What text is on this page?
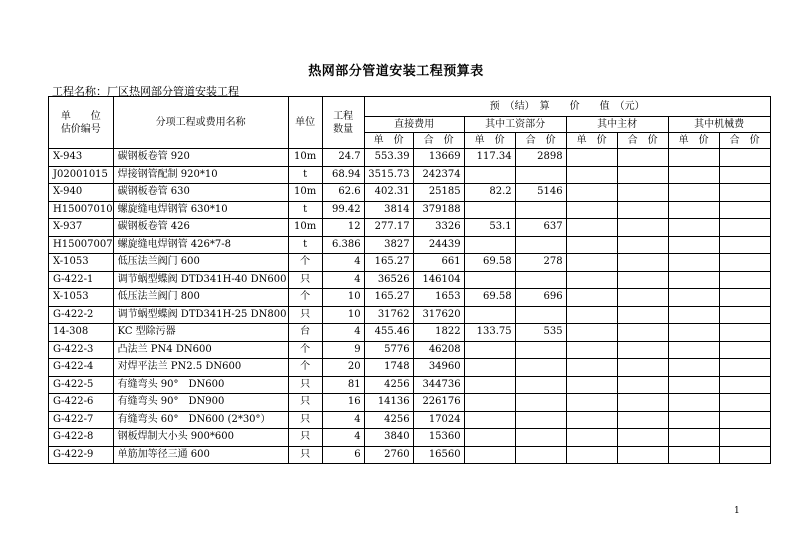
热网部分管道安装工程预算表
工程名称：厂区热网部分管道安装工程
单　　位
估价编号	分项工程或费用名称	单位	工程
数量	预　（结）　算　　价　　值　（元）							
				直接费用		其中工资部分		其中主材		其中机械费	
				单　价	合　价	单　价	合　价	单　价	合　价	单　价	合　价
X-943	碳钢板卷管 920	10m	24.7	553.39	13669	117.34	2898				
J02001015	焊接钢管配制 920*10	t	68.94	3515.73	242374						
X-940	碳钢板卷管 630	10m	62.6	402.31	25185	82.2	5146				
H15007010	螺旋缝电焊钢管 630*10	t	99.42	3814	379188						
X-937	碳钢板卷管 426	10m	12	277.17	3326	53.1	637				
H15007007	螺旋缝电焊钢管 426*7-8	t	6.386	3827	24439						
X-1053	低压法兰阀门 600	个	4	165.27	661	69.58	278				
G-422-1	调节蜗型蝶阀 DTD341H-40 DN600	只	4	36526	146104						
X-1053	低压法兰阀门 800	个	10	165.27	1653	69.58	696				
G-422-2	调节蜗型蝶阀 DTD341H-25 DN800	只	10	31762	317620						
14-308	KC 型除污器	台	4	455.46	1822	133.75	535				
G-422-3	凸法兰 PN4 DN600	个	9	5776	46208						
G-422-4	对焊平法兰 PN2.5 DN600	个	20	1748	34960						
G-422-5	有缝弯头 90°　DN600	只	81	4256	344736						
G-422-6	有缝弯头 90°　DN900	只	16	14136	226176						
G-422-7	有缝弯头 60°　DN600 (2*30°）	只	4	4256	17024						
G-422-8	钢板焊制大小头 900*600	只	4	3840	15360						
G-422-9	单筋加等径三通 600	只	6	2760	16560						
1
